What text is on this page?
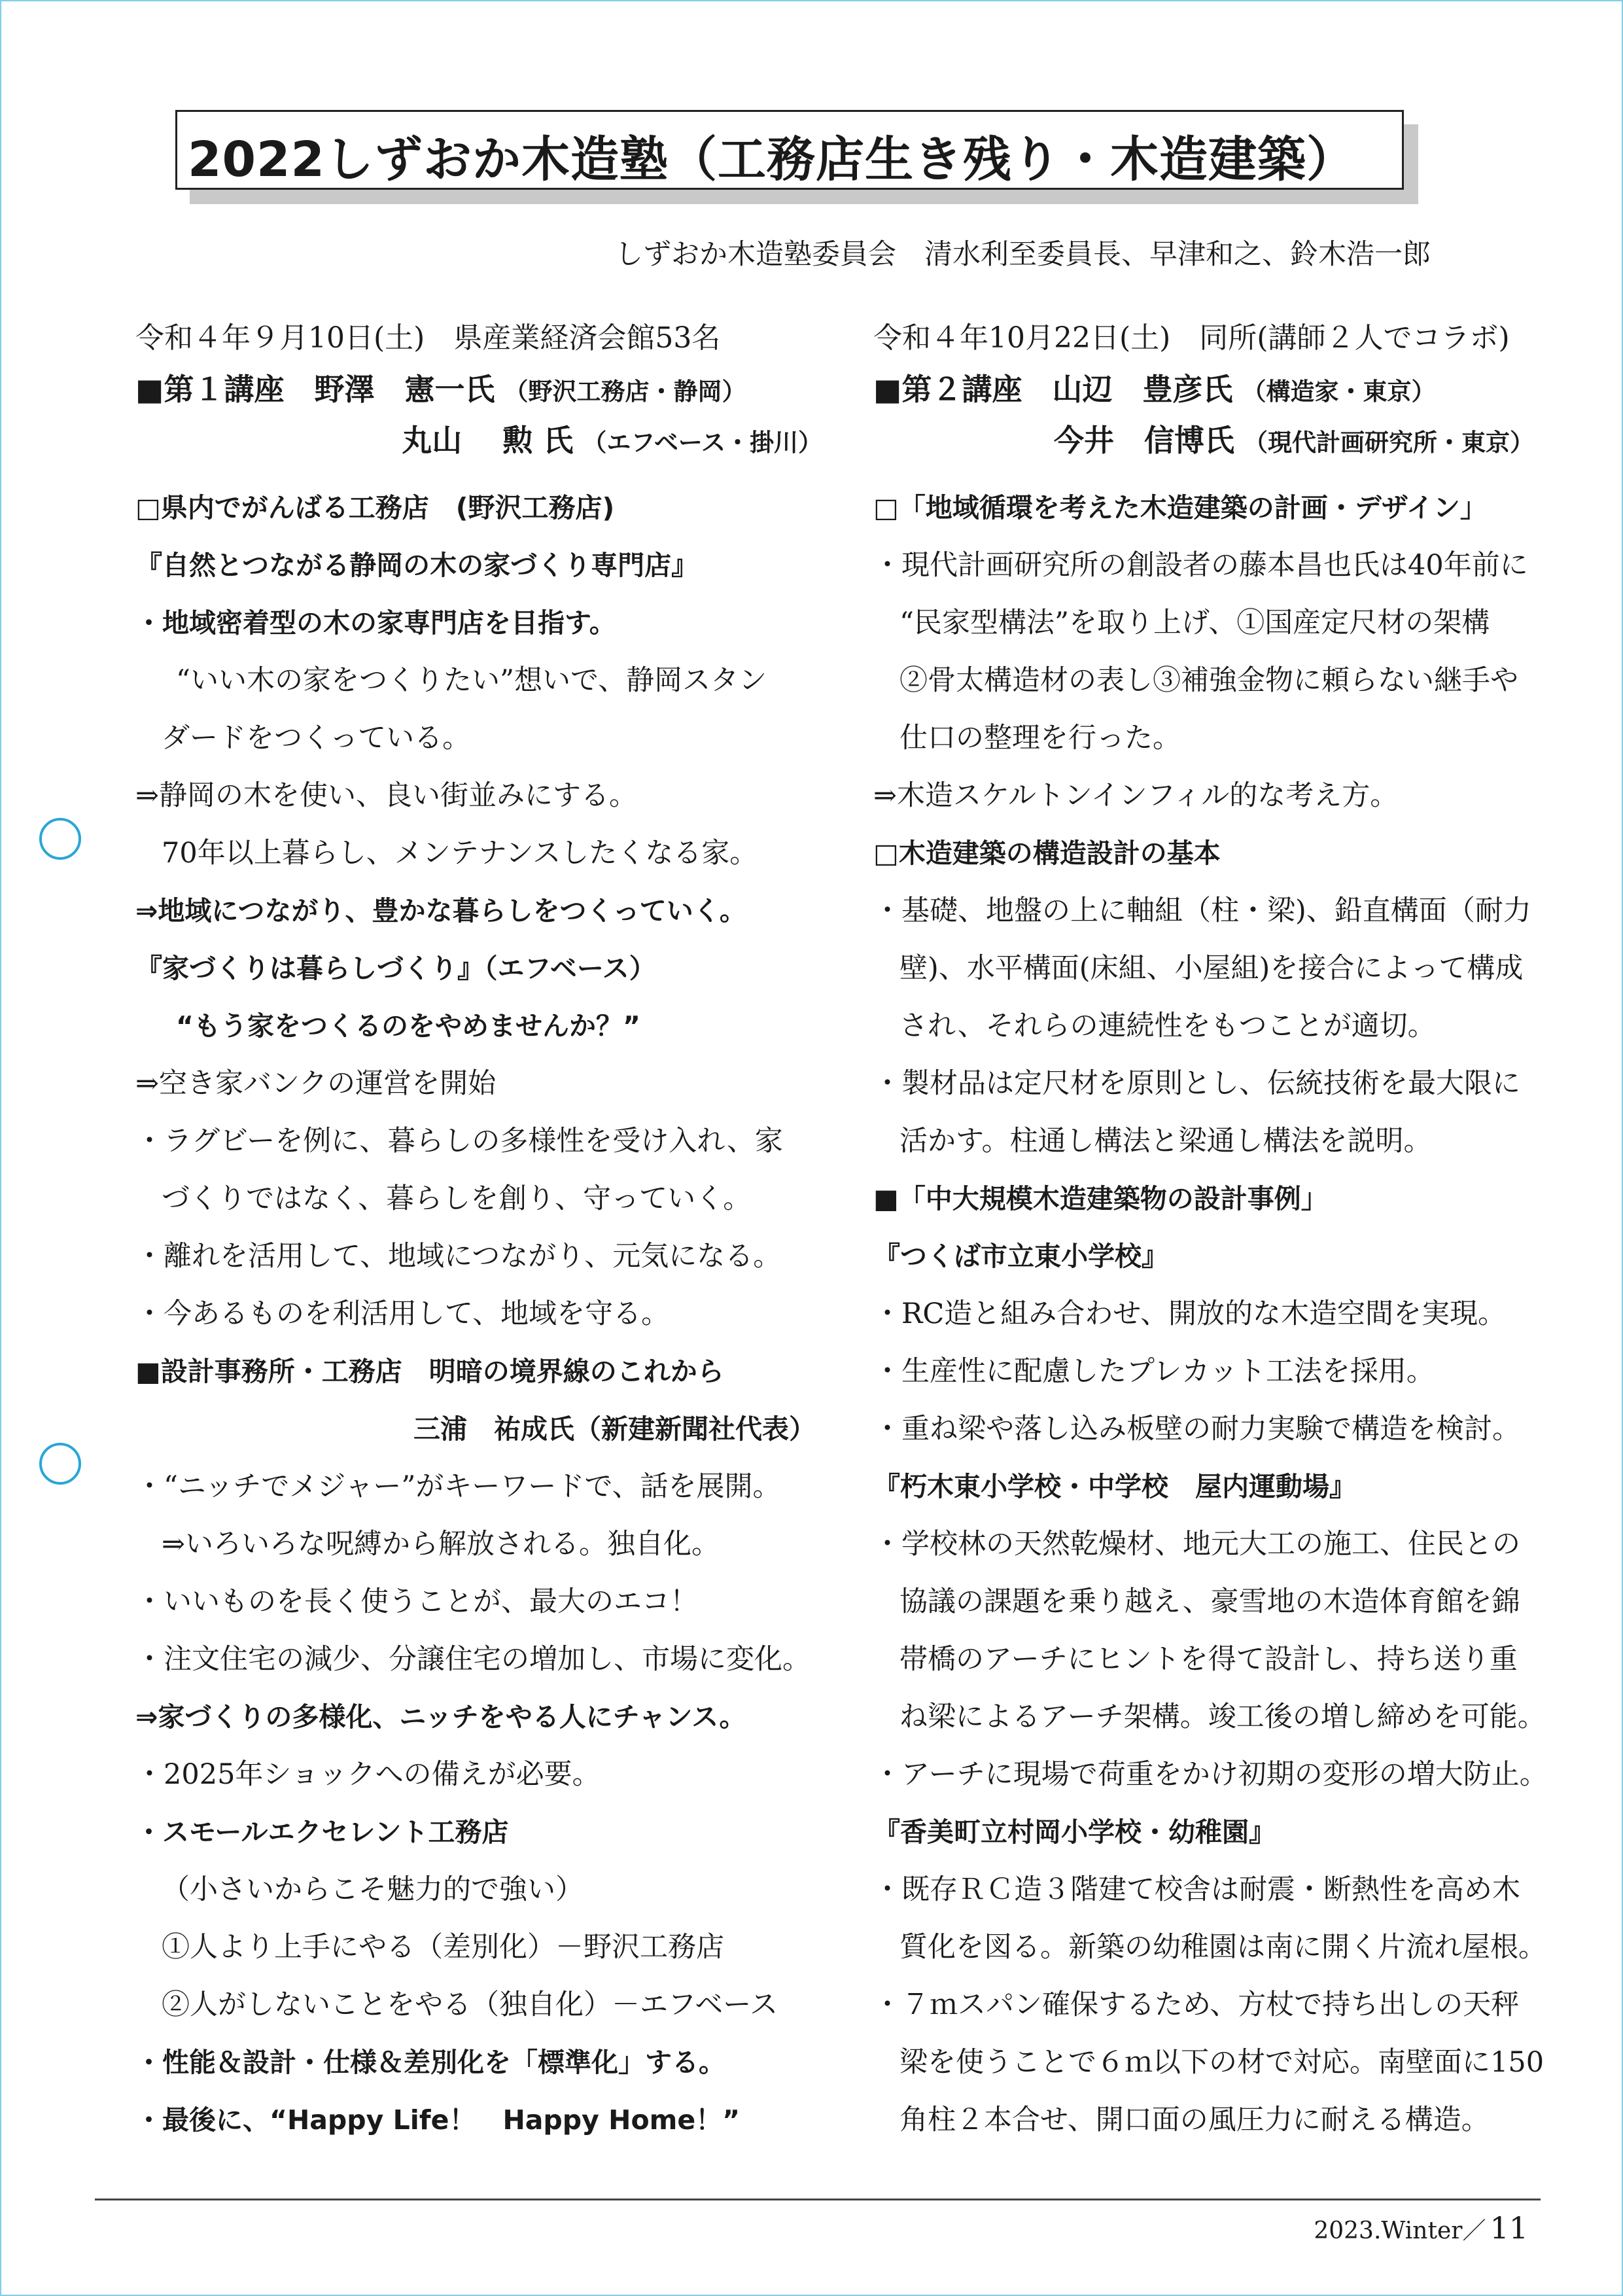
2022しずおか木造塾（工務店生き残り・木造建築）
しずおか木造塾委員会　清水利至委員長、早津和之、鈴木浩一郎
令和４年９月10日(土)　県産業経済会館53名
■第１講座　野澤　憲一氏 （野沢工務店・静岡）
丸山　 勲 氏 （エフベース・掛川）
□県内でがんばる工務店　(野沢工務店)
『自然とつながる静岡の木の家づくり専門店』
・地域密着型の木の家専門店を目指す。
“いい木の家をつくりたい”想いで、静岡スタン
ダードをつくっている。
⇒静岡の木を使い、良い街並みにする。
70年以上暮らし、メンテナンスしたくなる家。
⇒地域につながり、豊かな暮らしをつくっていく。
『家づくりは暮らしづくり』（エフベース）
“もう家をつくるのをやめませんか？”
⇒空き家バンクの運営を開始
・ラグビーを例に、暮らしの多様性を受け入れ、家
づくりではなく、暮らしを創り、守っていく。
・離れを活用して、地域につながり、元気になる。
・今あるものを利活用して、地域を守る。
■設計事務所・工務店　明暗の境界線のこれから
三浦　祐成氏（新建新聞社代表）
・“ニッチでメジャー”がキーワードで、話を展開。
⇒いろいろな呪縛から解放される。独自化。
・いいものを長く使うことが、最大のエコ！
・注文住宅の減少、分譲住宅の増加し、市場に変化。
⇒家づくりの多様化、ニッチをやる人にチャンス。
・2025年ショックへの備えが必要。
・スモールエクセレント工務店
（小さいからこそ魅力的で強い）
①人より上手にやる（差別化）－野沢工務店
②人がしないことをやる（独自化）－エフベース
・性能＆設計・仕様＆差別化を「標準化」する。
・最後に、“Happy Life！　Happy Home！”
令和４年10月22日(土)　同所(講師２人でコラボ)
■第２講座　山辺　豊彦氏 （構造家・東京）
今井　信博氏 （現代計画研究所・東京）
□「地域循環を考えた木造建築の計画・デザイン」
・現代計画研究所の創設者の藤本昌也氏は40年前に
“民家型構法”を取り上げ、①国産定尺材の架構
②骨太構造材の表し③補強金物に頼らない継手や
仕口の整理を行った。
⇒木造スケルトンインフィル的な考え方。
□木造建築の構造設計の基本
・基礎、地盤の上に軸組（柱・梁)、鉛直構面（耐力
壁)、水平構面(床組、小屋組)を接合によって構成
され、それらの連続性をもつことが適切。
・製材品は定尺材を原則とし、伝統技術を最大限に
活かす。柱通し構法と梁通し構法を説明。
■「中大規模木造建築物の設計事例」
『つくば市立東小学校』
・RC造と組み合わせ、開放的な木造空間を実現。
・生産性に配慮したプレカット工法を採用。
・重ね梁や落し込み板壁の耐力実験で構造を検討。
『朽木東小学校・中学校　屋内運動場』
・学校林の天然乾燥材、地元大工の施工、住民との
協議の課題を乗り越え、豪雪地の木造体育館を錦
帯橋のアーチにヒントを得て設計し、持ち送り重
ね梁によるアーチ架構。竣工後の増し締めを可能。
・アーチに現場で荷重をかけ初期の変形の増大防止。
『香美町立村岡小学校・幼稚園』
・既存ＲＣ造３階建て校舎は耐震・断熱性を高め木
質化を図る。新築の幼稚園は南に開く片流れ屋根。
・７ｍスパン確保するため、方杖で持ち出しの天秤
梁を使うことで６ｍ以下の材で対応。南壁面に150
角柱２本合せ、開口面の風圧力に耐える構造。
2023.Winter／ 11
